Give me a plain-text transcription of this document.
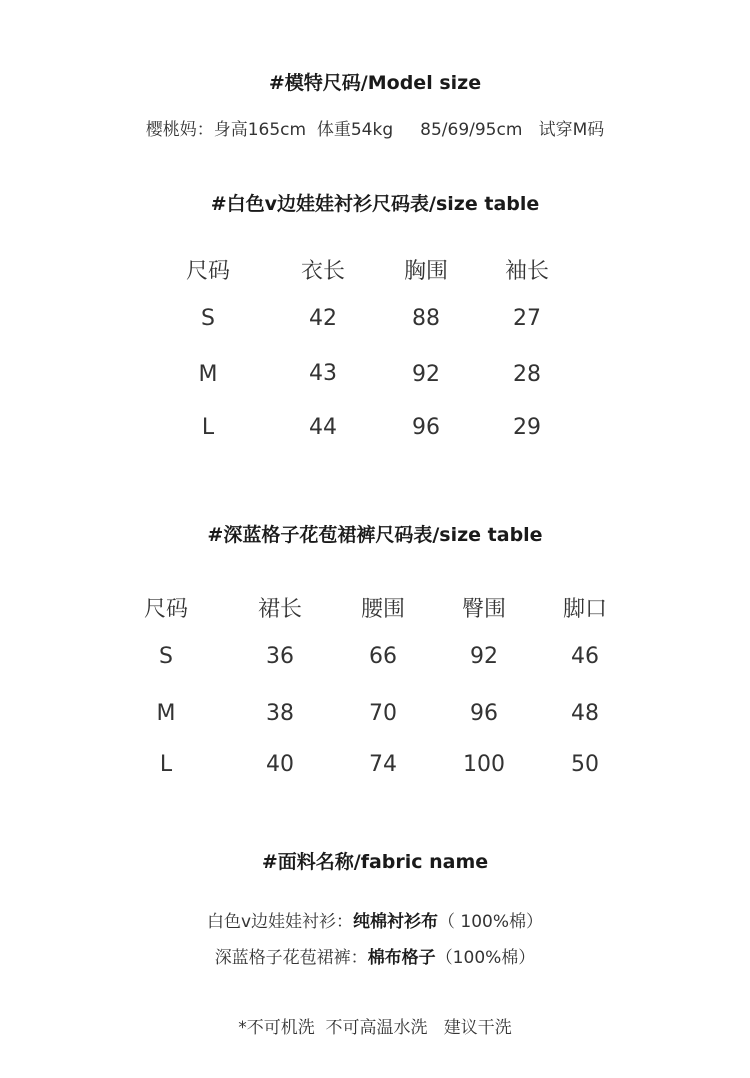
#模特尺码/Model size
樱桃妈：身高165cm  体重54kg     85/69/95cm   试穿M码
#白色v边娃娃衬衫尺码表/size table
尺码	衣长	胸围	袖长
S	42	88	27
M	43	92	28
L	44	96	29
#深蓝格子花苞裙裤尺码表/size table
尺码	裙长	腰围	臀围	脚口
S	36	66	92	46
M	38	70	96	48
L	40	74	100	50
#面料名称/fabric name
白色v边娃娃衬衫：纯棉衬衫布（ 100%棉）
深蓝格子花苞裙裤：棉布格子（100%棉）
*不可机洗  不可高温水洗   建议干洗
